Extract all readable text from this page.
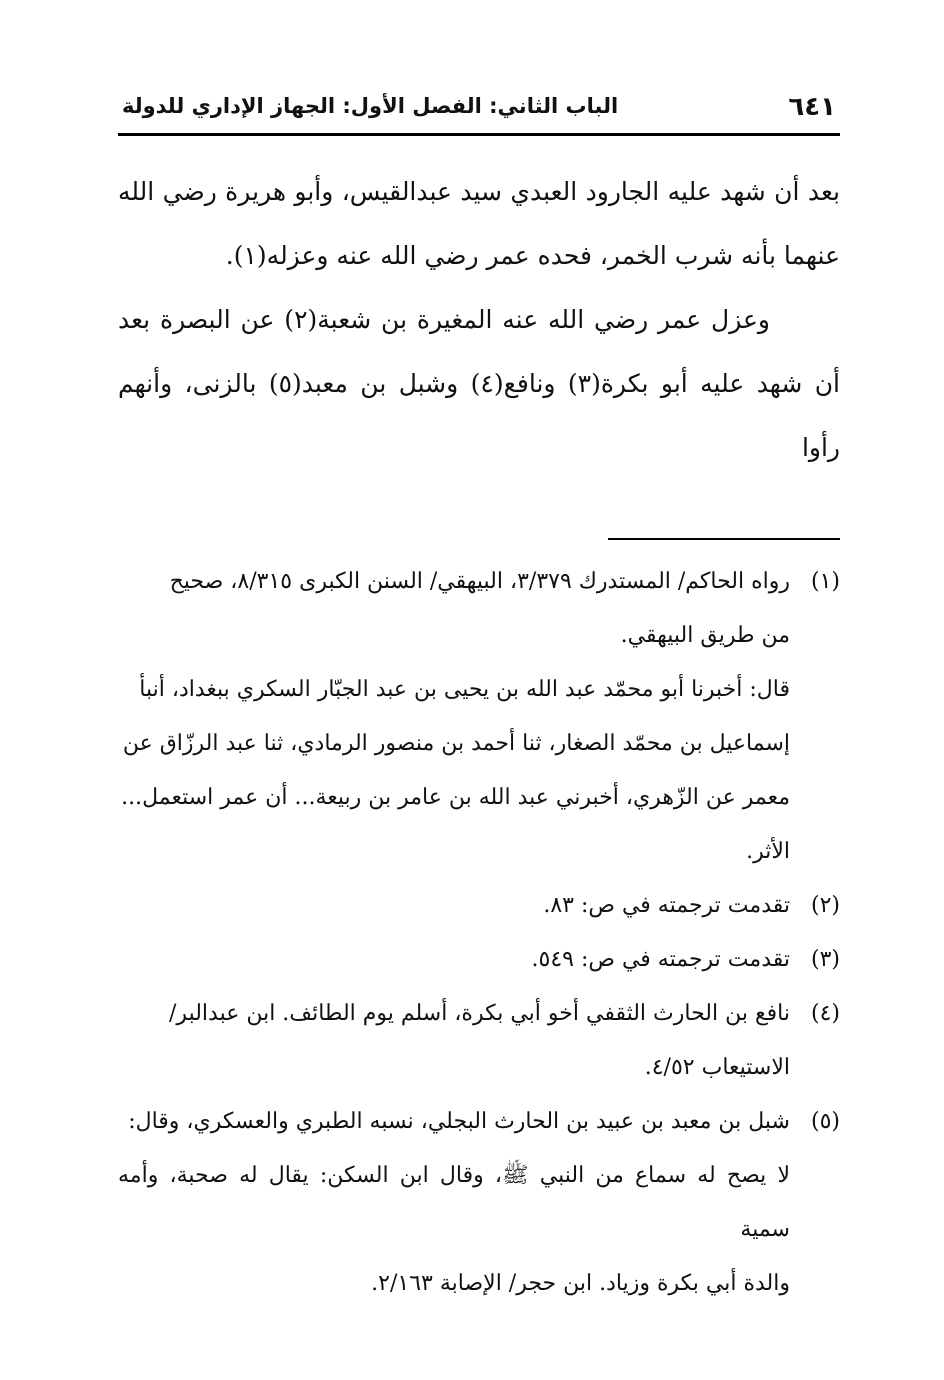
٦٤١
الباب الثاني: الفصل الأول: الجهاز الإداري للدولة

بعد أن شهد عليه الجارود العبدي سيد عبدالقيس، وأبو هريرة رضي الله عنهما بأنه شرب الخمر، فحده عمر رضي الله عنه وعزله(١).

وعزل عمر رضي الله عنه المغيرة بن شعبة(٢) عن البصرة بعد أن شهد عليه أبو بكرة(٣) ونافع(٤) وشبل بن معبد(٥) بالزنى، وأنهم رأوا

(١)
رواه الحاكم/ المستدرك ٣/٣٧٩، البيهقي/ السنن الكبرى ٨/٣١٥، صحيح
من طريق البيهقي.
قال: أخبرنا أبو محمّد عبد الله بن يحيى بن عبد الجبّار السكري ببغداد، أنبأ
إسماعيل بن محمّد الصغار، ثنا أحمد بن منصور الرمادي، ثنا عبد الرزّاق عن
معمر عن الزّهري، أخبرني عبد الله بن عامر بن ربيعة... أن عمر استعمل...
الأثر.
(٢)
تقدمت ترجمته في ص: ٨٣.
(٣)
تقدمت ترجمته في ص: ٥٤٩.
(٤)
نافع بن الحارث الثقفي أخو أبي بكرة، أسلم يوم الطائف. ابن عبدالبر/
الاستيعاب ٤/٥٢.
(٥)
شبل بن معبد بن عبيد بن الحارث البجلي، نسبه الطبري والعسكري، وقال:
لا يصح له سماع من النبي ﷺ، وقال ابن السكن: يقال له صحبة، وأمه سمية
والدة أبي بكرة وزياد. ابن حجر/ الإصابة ٢/١٦٣.
